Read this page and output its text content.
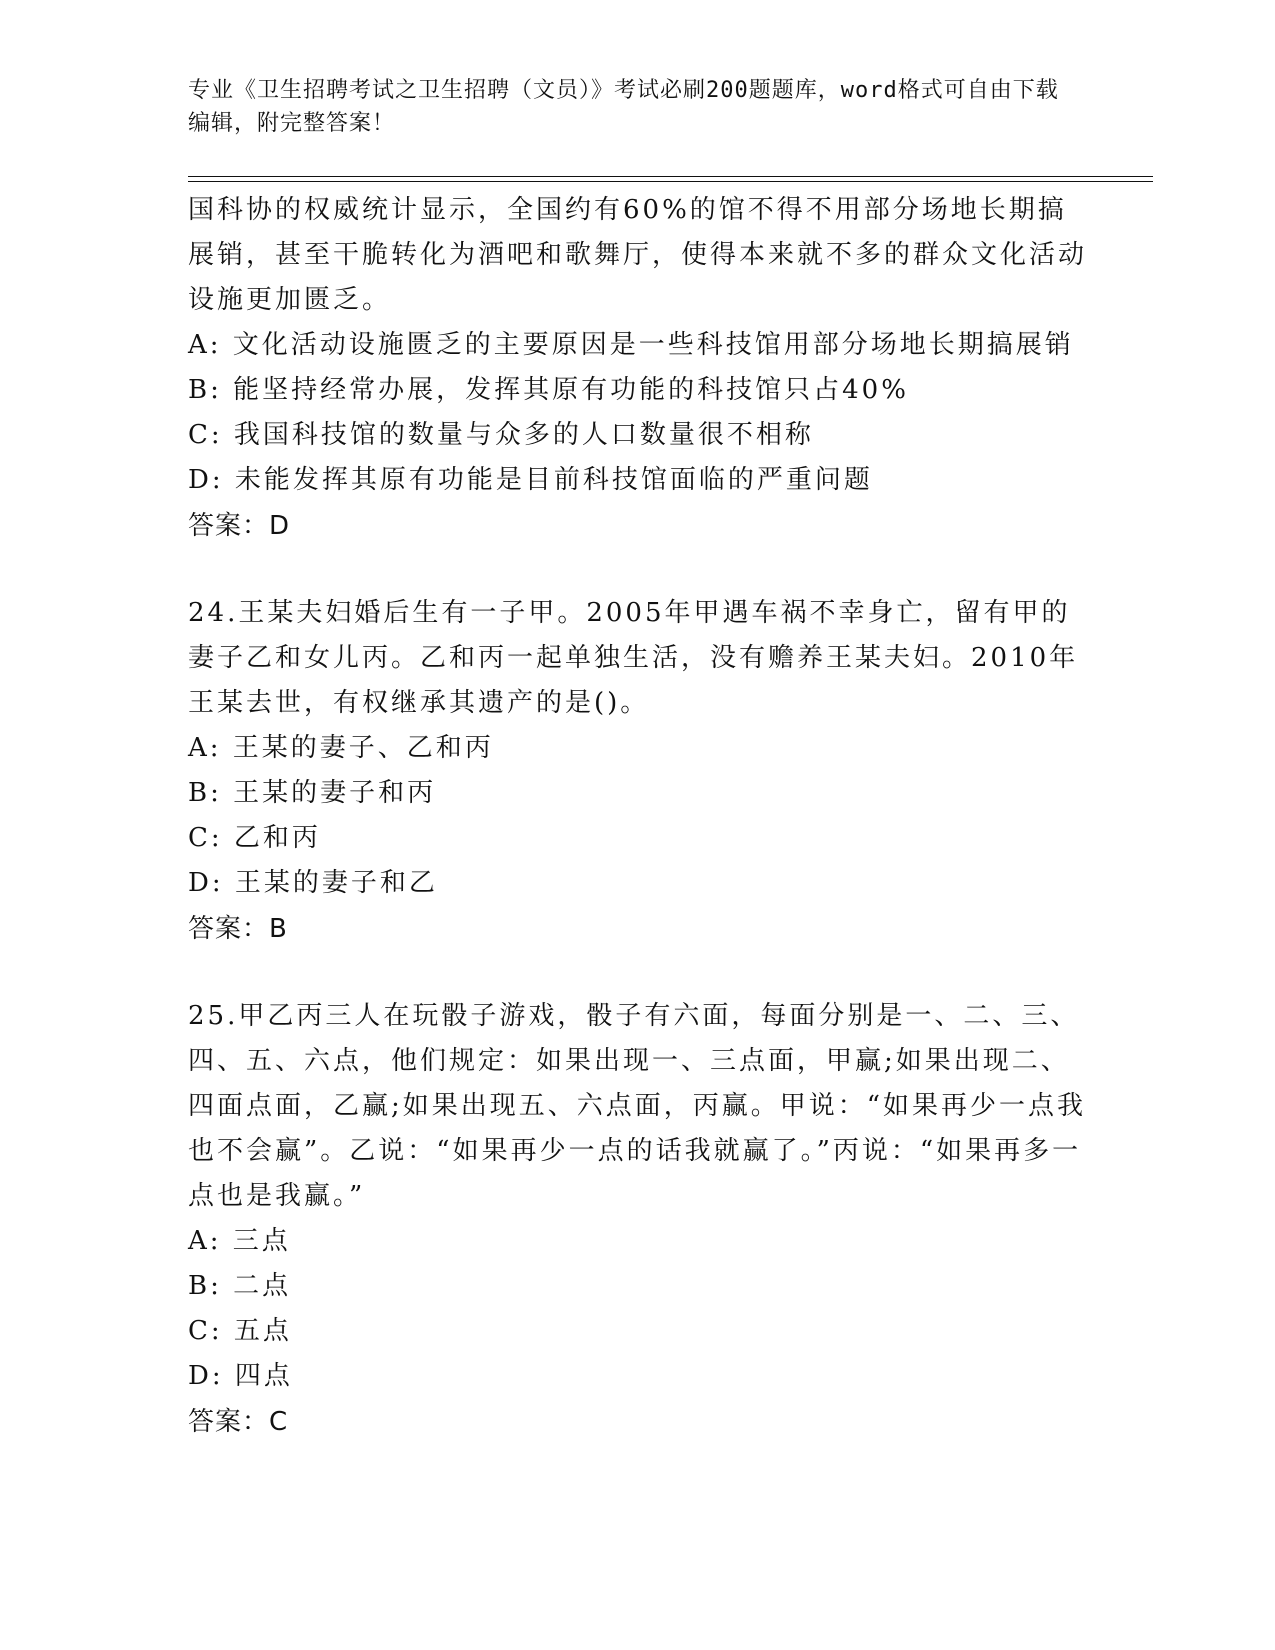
专业《卫生招聘考试之卫生招聘（文员）》考试必刷200题题库，word格式可自由下载编辑，附完整答案！
国科协的权威统计显示，全国约有60%的馆不得不用部分场地长期搞展销，甚至干脆转化为酒吧和歌舞厅，使得本来就不多的群众文化活动设施更加匮乏。
A: 文化活动设施匮乏的主要原因是一些科技馆用部分场地长期搞展销
B: 能坚持经常办展，发挥其原有功能的科技馆只占40%
C: 我国科技馆的数量与众多的人口数量很不相称
D: 未能发挥其原有功能是目前科技馆面临的严重问题
答案：D
24.王某夫妇婚后生有一子甲。2005年甲遇车祸不幸身亡，留有甲的妻子乙和女儿丙。乙和丙一起单独生活，没有赡养王某夫妇。2010年王某去世，有权继承其遗产的是()。
A: 王某的妻子、乙和丙
B: 王某的妻子和丙
C: 乙和丙
D: 王某的妻子和乙
答案：B
25.甲乙丙三人在玩骰子游戏，骰子有六面，每面分别是一、二、三、四、五、六点，他们规定：如果出现一、三点面，甲赢;如果出现二、四面点面，乙赢;如果出现五、六点面，丙赢。甲说：“如果再少一点我也不会赢”。乙说：“如果再少一点的话我就赢了。”丙说：“如果再多一点也是我赢。”
A: 三点
B: 二点
C: 五点
D: 四点
答案：C
